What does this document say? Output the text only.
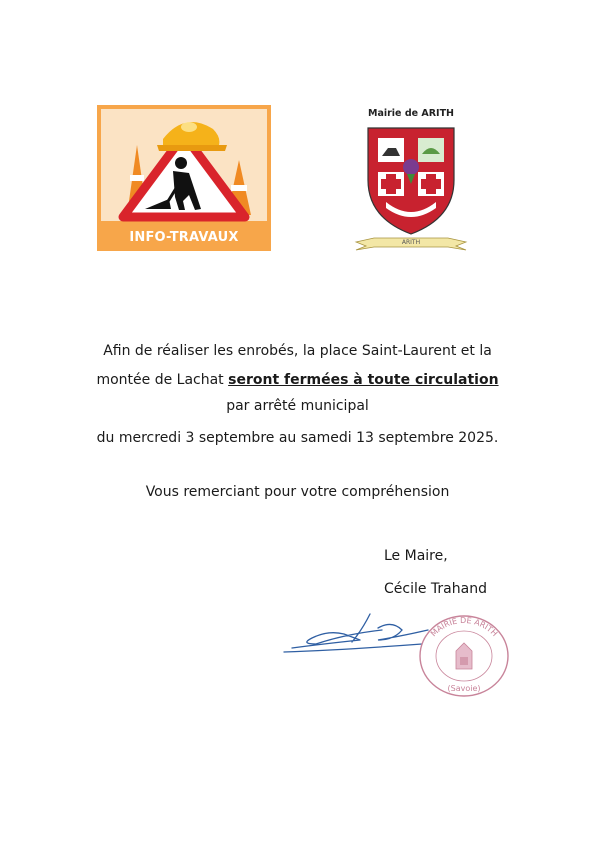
INFO-TRAVAUX
Mairie de ARITH
ARITH
Afin de réaliser les enrobés, la place Saint-Laurent et la
montée de Lachat seront fermées à toute circulation
par arrêté municipal
du mercredi 3 septembre au samedi 13 septembre 2025.
Vous remerciant pour votre compréhension
Le Maire,
Cécile Trahand
MAIRIE DE ARITH
(Savoie)
